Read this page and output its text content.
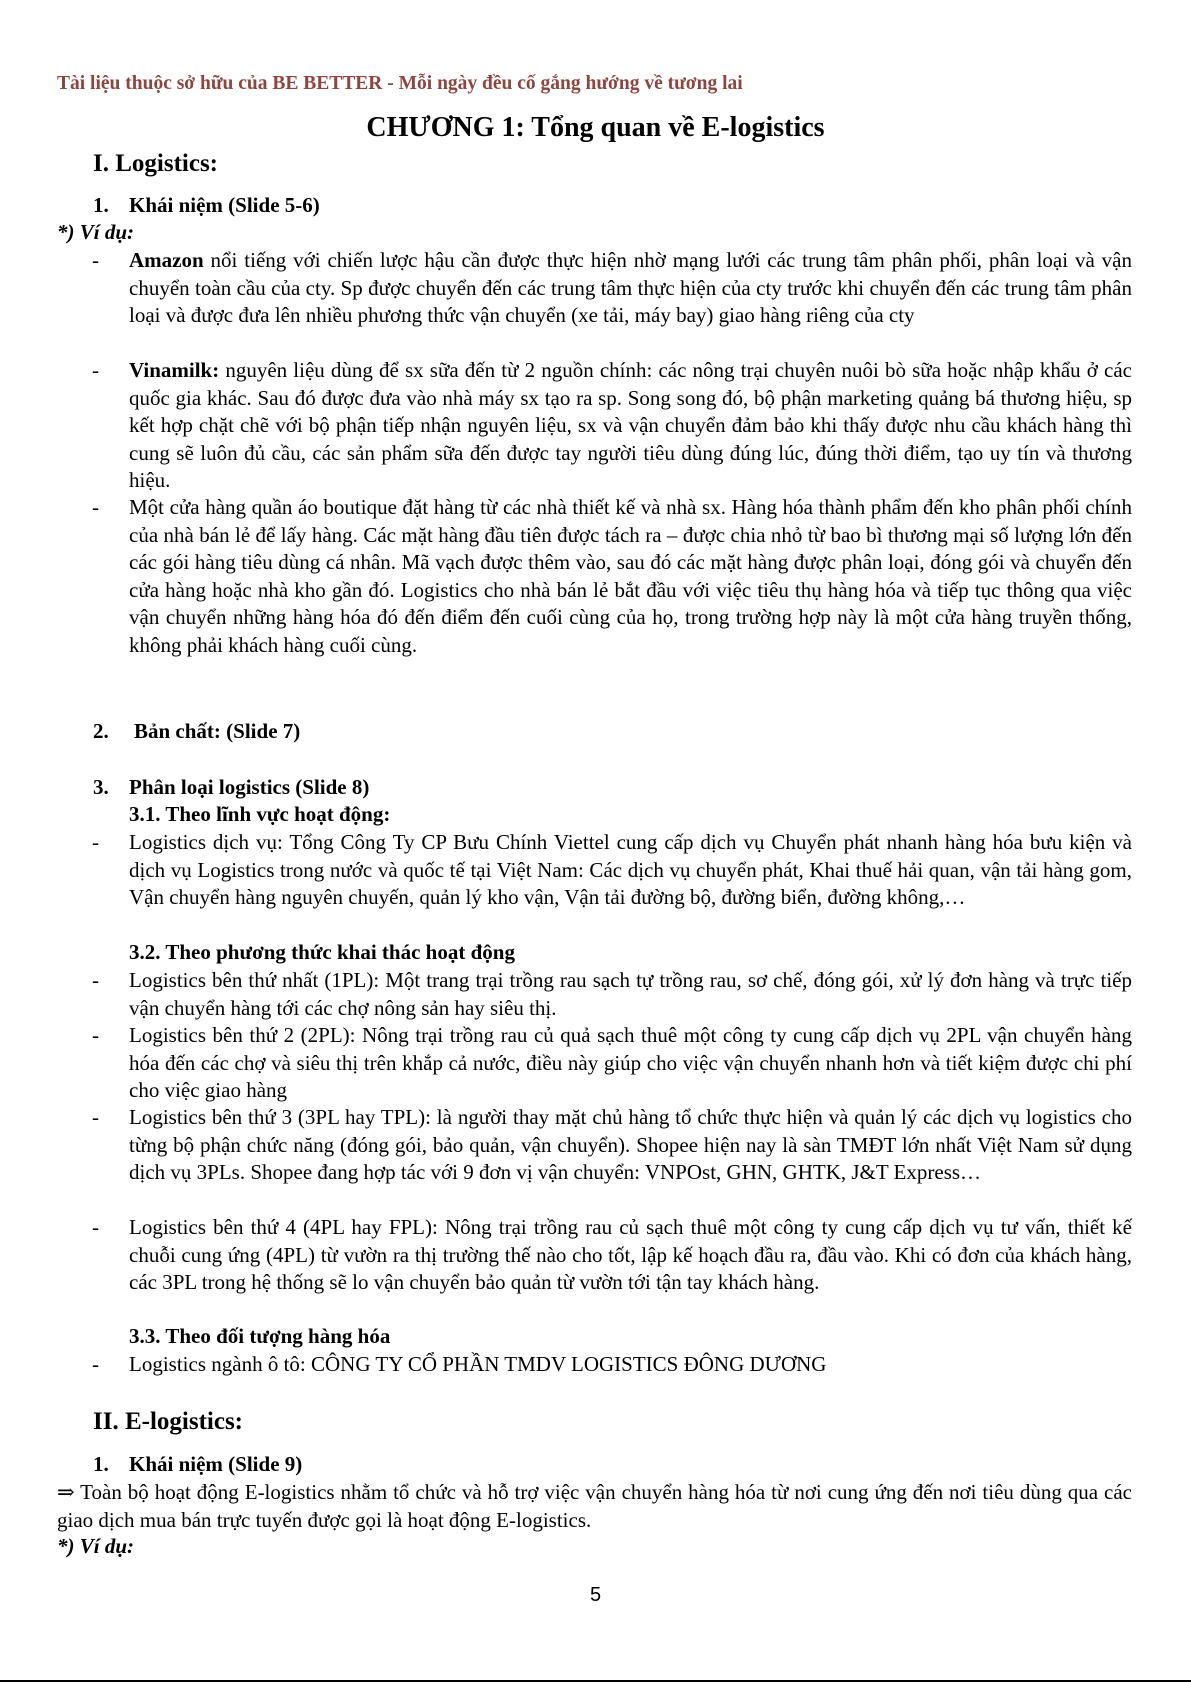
Tài liệu thuộc sở hữu của BE BETTER - Mỗi ngày đều cố gắng hướng về tương lai
CHƯƠNG 1: Tổng quan về E-logistics
I. Logistics:
1. Khái niệm (Slide 5-6)
*) Ví dụ:
- Amazon nổi tiếng với chiến lược hậu cần được thực hiện nhờ mạng lưới các trung tâm phân phối, phân loại và vận chuyển toàn cầu của cty. Sp được chuyển đến các trung tâm thực hiện của cty trước khi chuyển đến các trung tâm phân loại và được đưa lên nhiều phương thức vận chuyển (xe tải, máy bay) giao hàng riêng của cty
- Vinamilk: nguyên liệu dùng để sx sữa đến từ 2 nguồn chính: các nông trại chuyên nuôi bò sữa hoặc nhập khẩu ở các quốc gia khác. Sau đó được đưa vào nhà máy sx tạo ra sp. Song song đó, bộ phận marketing quảng bá thương hiệu, sp kết hợp chặt chẽ với bộ phận tiếp nhận nguyên liệu, sx và vận chuyển đảm bảo khi thấy được nhu cầu khách hàng thì cung sẽ luôn đủ cầu, các sản phẩm sữa đến được tay người tiêu dùng đúng lúc, đúng thời điểm, tạo uy tín và thương hiệu.
- Một cửa hàng quần áo boutique đặt hàng từ các nhà thiết kế và nhà sx. Hàng hóa thành phẩm đến kho phân phối chính của nhà bán lẻ để lấy hàng. Các mặt hàng đầu tiên được tách ra – được chia nhỏ từ bao bì thương mại số lượng lớn đến các gói hàng tiêu dùng cá nhân. Mã vạch được thêm vào, sau đó các mặt hàng được phân loại, đóng gói và chuyển đến cửa hàng hoặc nhà kho gần đó. Logistics cho nhà bán lẻ bắt đầu với việc tiêu thụ hàng hóa và tiếp tục thông qua việc vận chuyển những hàng hóa đó đến điểm đến cuối cùng của họ, trong trường hợp này là một cửa hàng truyền thống, không phải khách hàng cuối cùng.
2. Bản chất: (Slide 7)
3. Phân loại logistics (Slide 8)
3.1. Theo lĩnh vực hoạt động:
- Logistics dịch vụ: Tổng Công Ty CP Bưu Chính Viettel cung cấp dịch vụ Chuyển phát nhanh hàng hóa bưu kiện và dịch vụ Logistics trong nước và quốc tế tại Việt Nam: Các dịch vụ chuyển phát, Khai thuế hải quan, vận tải hàng gom, Vận chuyển hàng nguyên chuyến, quản lý kho vận, Vận tải đường bộ, đường biển, đường không,…
3.2. Theo phương thức khai thác hoạt động
- Logistics bên thứ nhất (1PL): Một trang trại trồng rau sạch tự trồng rau, sơ chế, đóng gói, xử lý đơn hàng và trực tiếp vận chuyển hàng tới các chợ nông sản hay siêu thị.
- Logistics bên thứ 2 (2PL): Nông trại trồng rau củ quả sạch thuê một công ty cung cấp dịch vụ 2PL vận chuyển hàng hóa đến các chợ và siêu thị trên khắp cả nước, điều này giúp cho việc vận chuyển nhanh hơn và tiết kiệm được chi phí cho việc giao hàng
- Logistics bên thứ 3 (3PL hay TPL): là người thay mặt chủ hàng tổ chức thực hiện và quản lý các dịch vụ logistics cho từng bộ phận chức năng (đóng gói, bảo quản, vận chuyển). Shopee hiện nay là sàn TMĐT lớn nhất Việt Nam sử dụng dịch vụ 3PLs. Shopee đang hợp tác với 9 đơn vị vận chuyển: VNPOst, GHN, GHTK, J&T Express…
- Logistics bên thứ 4 (4PL hay FPL): Nông trại trồng rau củ sạch thuê một công ty cung cấp dịch vụ tư vấn, thiết kế chuỗi cung ứng (4PL) từ vườn ra thị trường thế nào cho tốt, lập kế hoạch đầu ra, đầu vào. Khi có đơn của khách hàng, các 3PL trong hệ thống sẽ lo vận chuyển bảo quản từ vườn tới tận tay khách hàng.
3.3. Theo đối tượng hàng hóa
- Logistics ngành ô tô: CÔNG TY CỔ PHẦN TMDV LOGISTICS ĐÔNG DƯƠNG
II. E-logistics:
1. Khái niệm (Slide 9)
⇒ Toàn bộ hoạt động E-logistics nhằm tổ chức và hỗ trợ việc vận chuyển hàng hóa từ nơi cung ứng đến nơi tiêu dùng qua các giao dịch mua bán trực tuyến được gọi là hoạt động E-logistics.
*) Ví dụ:
5
